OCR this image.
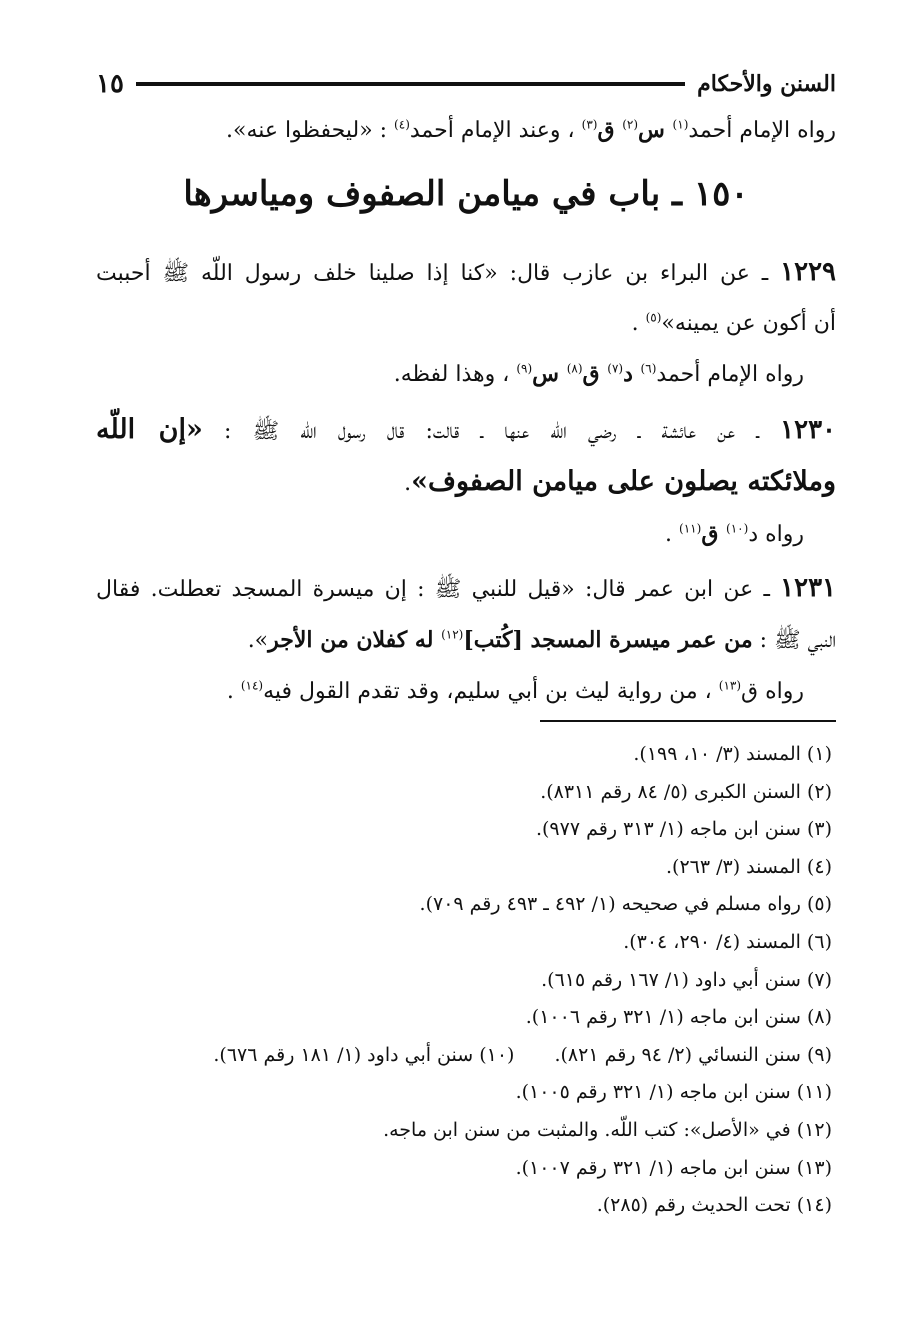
السنن والأحكام
١٥
رواه الإمام أحمد$^{(١)}$ س$^{(٢)}$ ق$^{(٣)}$ ، وعند الإمام أحمد$^{(٤)}$ : «ليحفظوا عنه».
١٥٠ ـ باب في ميامن الصفوف ومياسرها
١٢٢٩ ـ عن البراء بن عازب قال: «كنا إذا صلينا خلف رسول اللّه ﷺ أحببت
أن أكون عن يمينه»$^{(٥)}$ .
رواه الإمام أحمد$^{(٦)}$ د$^{(٧)}$ ق$^{(٨)}$ س$^{(٩)}$ ، وهذا لفظه.
١٢٣٠ ـ عن عائشة ـ رضي اللّه عنها ـ قالت: قال رسول اللّه ﷺ : «إن اللّه
وملائكته يصلون على ميامن الصفوف».
رواه د$^{(١٠)}$ ق$^{(١١)}$ .
١٢٣١ ـ عن ابن عمر قال: «قيل للنبي ﷺ : إن ميسرة المسجد تعطلت. فقال
النبي ﷺ : من عمر ميسرة المسجد [كُتب]$^{(١٢)}$ له كفلان من الأجر».
رواه ق$^{(١٣)}$ ، من رواية ليث بن أبي سليم، وقد تقدم القول فيه$^{(١٤)}$ .
(١) المسند (٣/ ١٠، ١٩٩).
(٢) السنن الكبرى (٥/ ٨٤ رقم ٨٣١١).
(٣) سنن ابن ماجه (١/ ٣١٣ رقم ٩٧٧).
(٤) المسند (٣/ ٢٦٣).
(٥) رواه مسلم في صحيحه (١/ ٤٩٢ ـ ٤٩٣ رقم ٧٠٩).
(٦) المسند (٤/ ٢٩٠، ٣٠٤).
(٧) سنن أبي داود (١/ ١٦٧ رقم ٦١٥).
(٨) سنن ابن ماجه (١/ ٣٢١ رقم ١٠٠٦).
(٩) سنن النسائي (٢/ ٩٤ رقم ٨٢١).(١٠) سنن أبي داود (١/ ١٨١ رقم ٦٧٦).
(١١) سنن ابن ماجه (١/ ٣٢١ رقم ١٠٠٥).
(١٢) في «الأصل»: كتب اللّه. والمثبت من سنن ابن ماجه.
(١٣) سنن ابن ماجه (١/ ٣٢١ رقم ١٠٠٧).
(١٤) تحت الحديث رقم (٢٨٥).
